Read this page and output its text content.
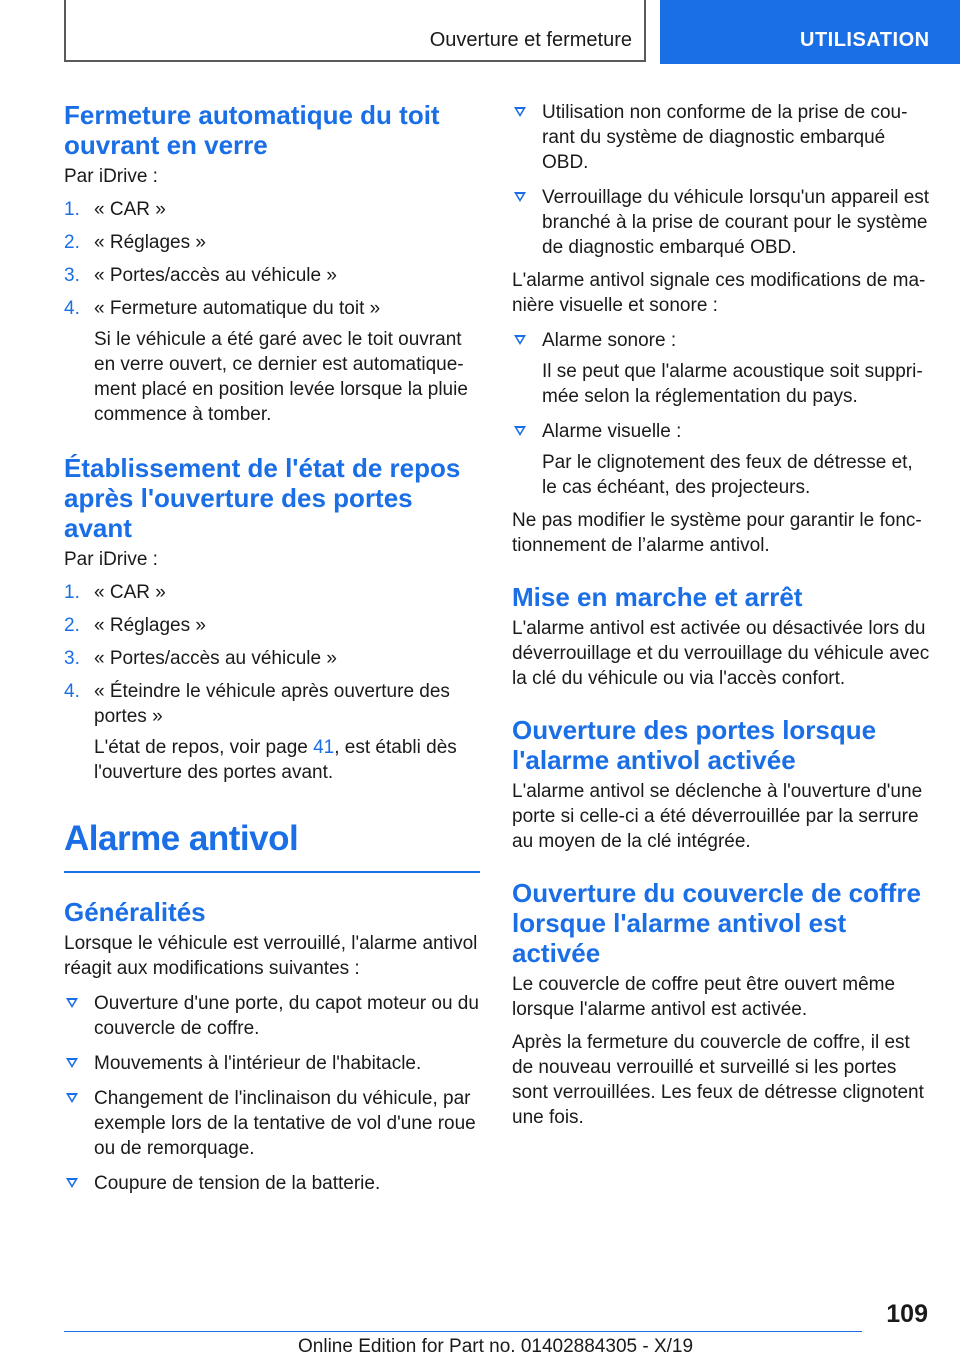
Ouverture et fermeture	UTILISATION
Fermeture automatique du toit ouvrant en verre

Par iDrive :

1. « CAR »
2. « Réglages »
3. « Portes/accès au véhicule »
4. « Fermeture automatique du toit »

Si le véhicule a été garé avec le toit ouvrant en verre ouvert, ce dernier est automatique-ment placé en position levée lorsque la pluie commence à tomber.

Établissement de l'état de repos après l'ouverture des portes avant

Par iDrive :

1. « CAR »
2. « Réglages »
3. « Portes/accès au véhicule »
4. « Éteindre le véhicule après ouverture des portes »

L'état de repos, voir page 41, est établi dès l'ouverture des portes avant.

Alarme antivol
Généralités

Lorsque le véhicule est verrouillé, l'alarme antivol réagit aux modifications suivantes :

Ouverture d'une porte, du capot moteur ou du couvercle de coffre.
Mouvements à l'intérieur de l'habitacle.
Changement de l'inclinaison du véhicule, par exemple lors de la tentative de vol d'une roue ou de remorquage.
Coupure de tension de la batterie.
Utilisation non conforme de la prise de cou-rant du système de diagnostic embarqué OBD.
Verrouillage du véhicule lorsqu'un appareil est branché à la prise de courant pour le système de diagnostic embarqué OBD.

L'alarme antivol signale ces modifications de ma-nière visuelle et sonore :

Alarme sonore :

Il se peut que l'alarme acoustique soit suppri-mée selon la réglementation du pays.

Alarme visuelle :

Par le clignotement des feux de détresse et, le cas échéant, des projecteurs.

Ne pas modifier le système pour garantir le fonc-tionnement de l’alarme antivol.

Mise en marche et arrêt

L'alarme antivol est activée ou désactivée lors du déverrouillage et du verrouillage du véhicule avec la clé du véhicule ou via l'accès confort.

Ouverture des portes lorsque l'alarme antivol activée

L'alarme antivol se déclenche à l'ouverture d'une porte si celle-ci a été déverrouillée par la serrure au moyen de la clé intégrée.

Ouverture du couvercle de coffre lorsque l'alarme antivol est activée

Le couvercle de coffre peut être ouvert même lorsque l'alarme antivol est activée.

Après la fermeture du couvercle de coffre, il est de nouveau verrouillé et surveillé si les portes sont verrouillées. Les feux de détresse clignotent une fois.

109
Online Edition for Part no. 01402884305 - X/19
